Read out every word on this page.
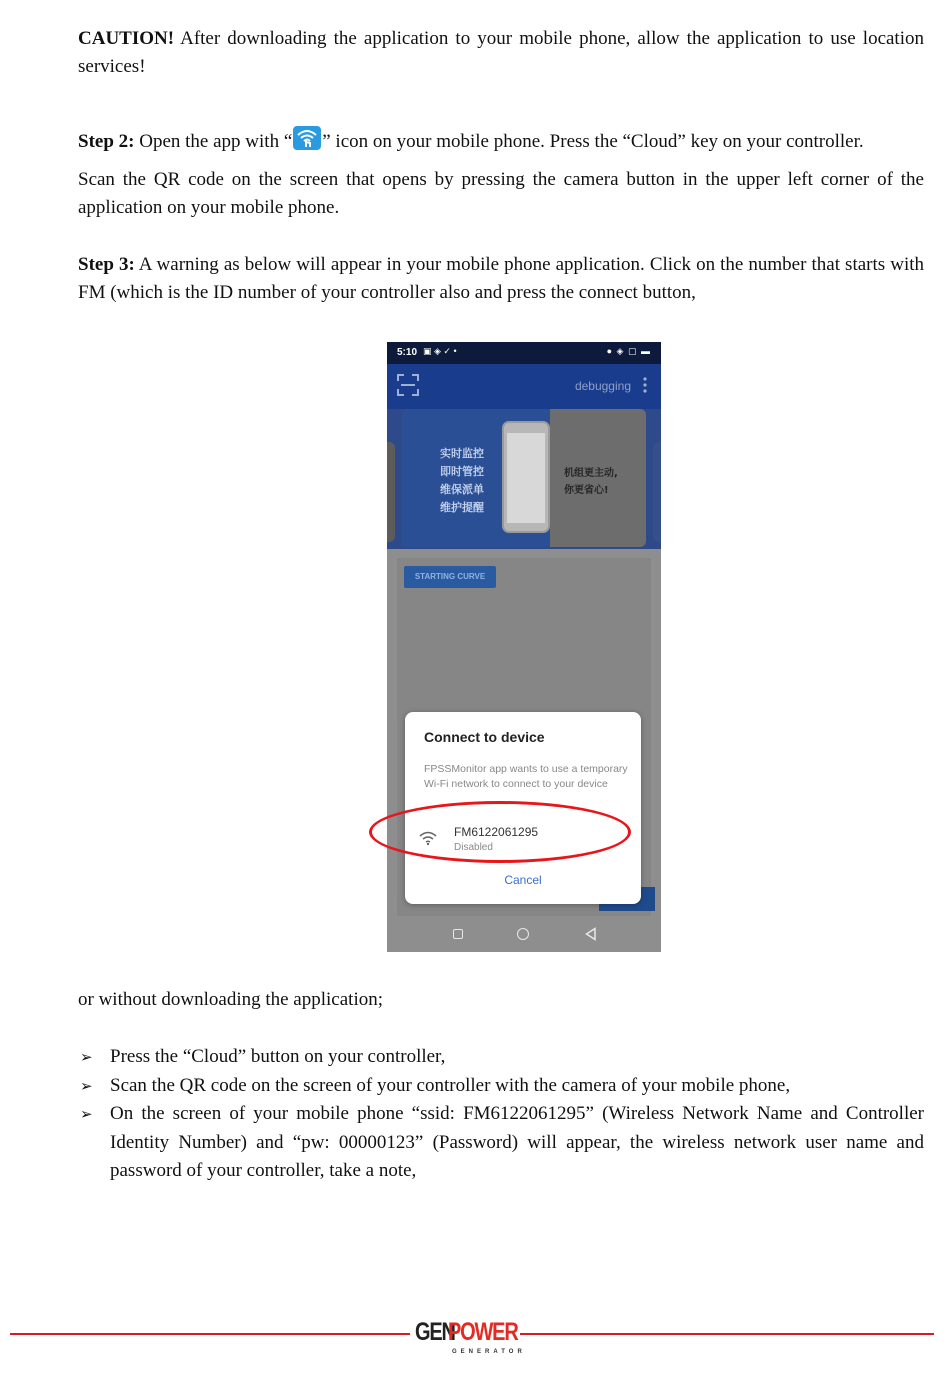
CAUTION! After downloading the application to your mobile phone, allow the application to use location services!

Step 2: Open the app with “ ” icon on your mobile phone. Press the “Cloud” key on your controller.

Scan the QR code on the screen that opens by pressing the camera button in the upper left corner of the application on your mobile phone.

Step 3: A warning as below will appear in your mobile phone application. Click on the number that starts with FM (which is the ID number of your controller also and press the connect button,

5:10 ▣ ◈ ✓ •	● ◈ ▢ ▬
debugging
实时监控
即时管控
维保派单
维护提醒
机组更主动,
你更省心!
STARTING CURVE
Connect to device
FPSSMonitor app wants to use a temporary Wi-Fi network to connect to your device
FM6122061295
Disabled
Cancel

or without downloading the application;

➢ Press the “Cloud” button on your controller,
➢ Scan the QR code on the screen of your controller with the camera of your mobile phone,
➢ On the screen of your mobile phone “ssid: FM6122061295” (Wireless Network Name and Controller Identity Number) and “pw: 00000123” (Password) will appear, the wireless network user name and password of your controller, take a note,
GEN
POWER
GENERATOR
